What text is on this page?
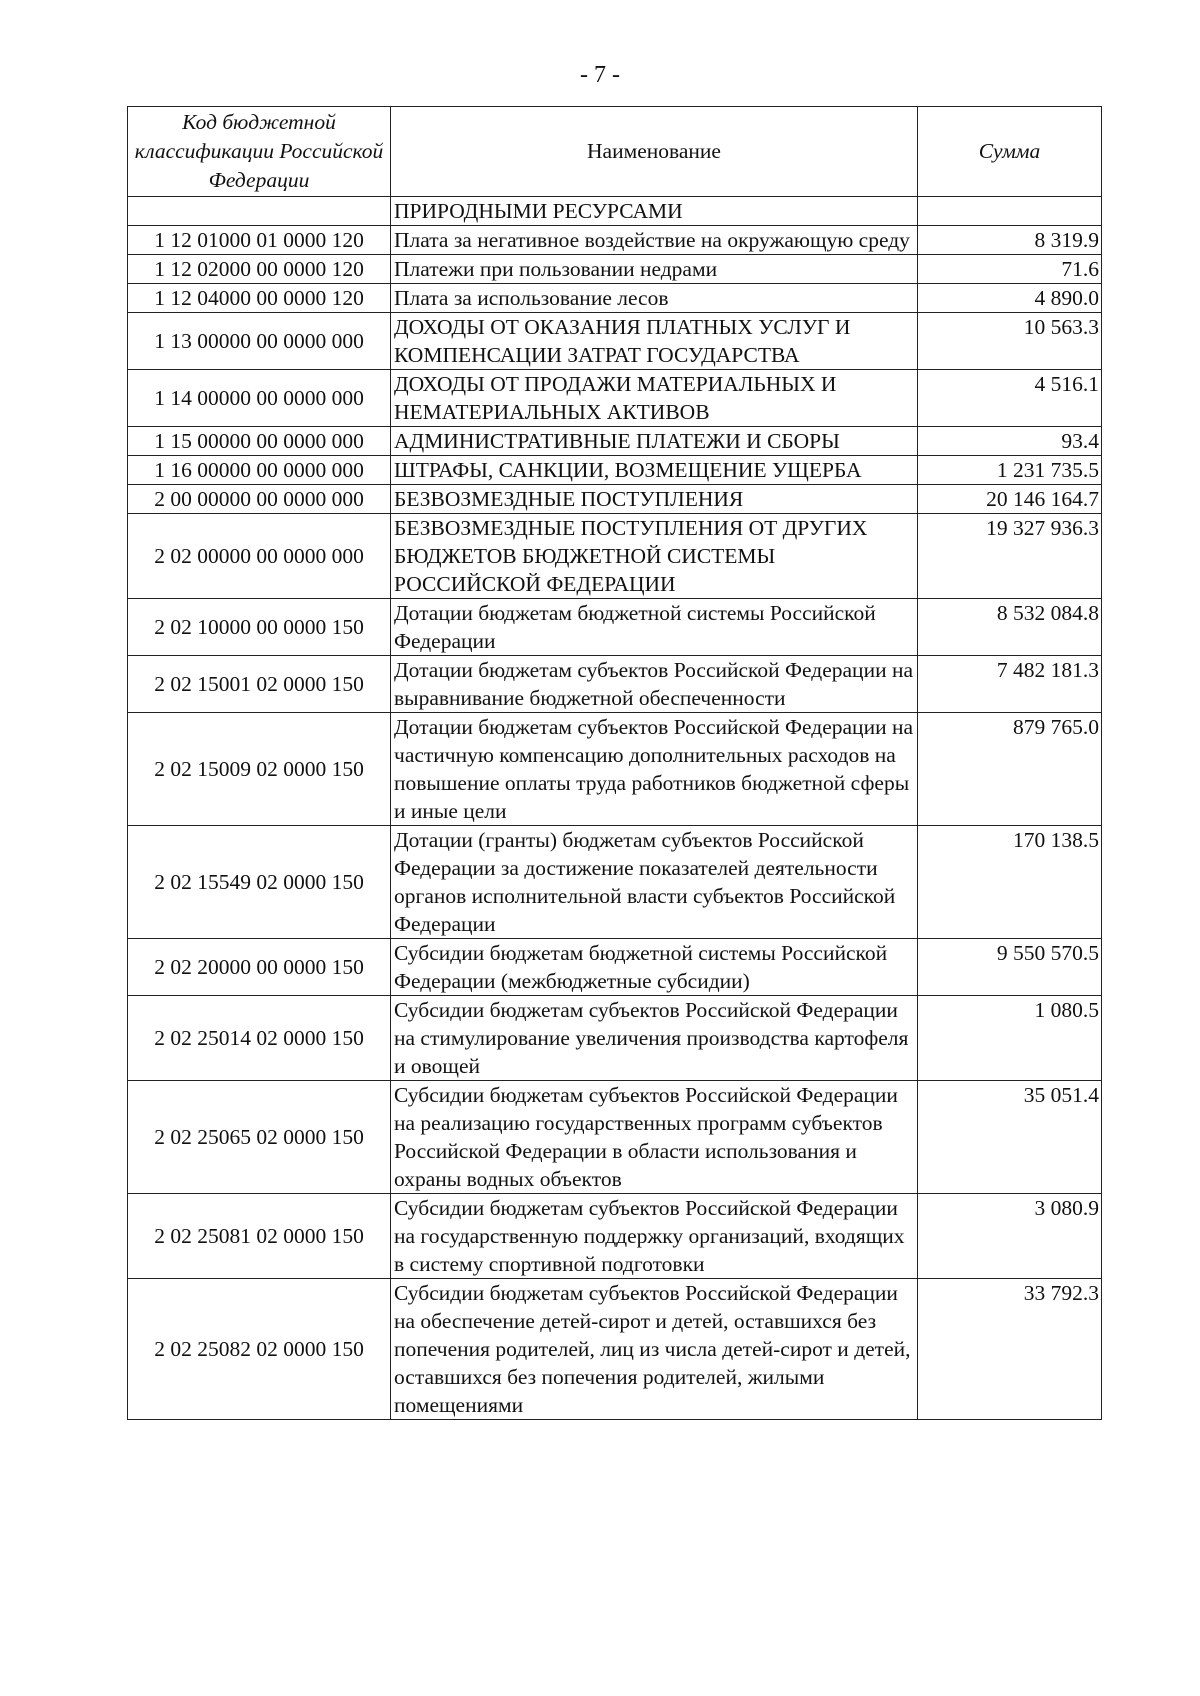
- 7 -
Код бюджетной классификации Российской Федерации	Наименование	Сумма
	ПРИРОДНЫМИ РЕСУРСАМИ	
1 12 01000 01 0000 120	Плата за негативное воздействие на окружающую среду	8 319.9
1 12 02000 00 0000 120	Платежи при пользовании недрами	71.6
1 12 04000 00 0000 120	Плата за использование лесов	4 890.0
1 13 00000 00 0000 000	ДОХОДЫ ОТ ОКАЗАНИЯ ПЛАТНЫХ УСЛУГ И КОМПЕНСАЦИИ ЗАТРАТ ГОСУДАРСТВА	10 563.3
1 14 00000 00 0000 000	ДОХОДЫ ОТ ПРОДАЖИ МАТЕРИАЛЬНЫХ И НЕМАТЕРИАЛЬНЫХ АКТИВОВ	4 516.1
1 15 00000 00 0000 000	АДМИНИСТРАТИВНЫЕ ПЛАТЕЖИ И СБОРЫ	93.4
1 16 00000 00 0000 000	ШТРАФЫ, САНКЦИИ, ВОЗМЕЩЕНИЕ УЩЕРБА	1 231 735.5
2 00 00000 00 0000 000	БЕЗВОЗМЕЗДНЫЕ ПОСТУПЛЕНИЯ	20 146 164.7
2 02 00000 00 0000 000	БЕЗВОЗМЕЗДНЫЕ ПОСТУПЛЕНИЯ ОТ ДРУГИХ БЮДЖЕТОВ БЮДЖЕТНОЙ СИСТЕМЫ РОССИЙСКОЙ ФЕДЕРАЦИИ	19 327 936.3
2 02 10000 00 0000 150	Дотации бюджетам бюджетной системы Российской Федерации	8 532 084.8
2 02 15001 02 0000 150	Дотации бюджетам субъектов Российской Федерации на выравнивание бюджетной обеспеченности	7 482 181.3
2 02 15009 02 0000 150	Дотации бюджетам субъектов Российской Федерации на частичную компенсацию дополнительных расходов на повышение оплаты труда работников бюджетной сферы и иные цели	879 765.0
2 02 15549 02 0000 150	Дотации (гранты) бюджетам субъектов Российской Федерации за достижение показателей деятельности органов исполнительной власти субъектов Российской Федерации	170 138.5
2 02 20000 00 0000 150	Субсидии бюджетам бюджетной системы Российской Федерации (межбюджетные субсидии)	9 550 570.5
2 02 25014 02 0000 150	Субсидии бюджетам субъектов Российской Федерации на стимулирование увеличения производства картофеля и овощей	1 080.5
2 02 25065 02 0000 150	Субсидии бюджетам субъектов Российской Федерации на реализацию государственных программ субъектов Российской Федерации в области использования и охраны водных объектов	35 051.4
2 02 25081 02 0000 150	Субсидии бюджетам субъектов Российской Федерации на государственную поддержку организаций, входящих в систему спортивной подготовки	3 080.9
2 02 25082 02 0000 150	Субсидии бюджетам субъектов Российской Федерации на обеспечение детей-сирот и детей, оставшихся без попечения родителей, лиц из числа детей-сирот и детей, оставшихся без попечения родителей, жилыми помещениями	33 792.3
